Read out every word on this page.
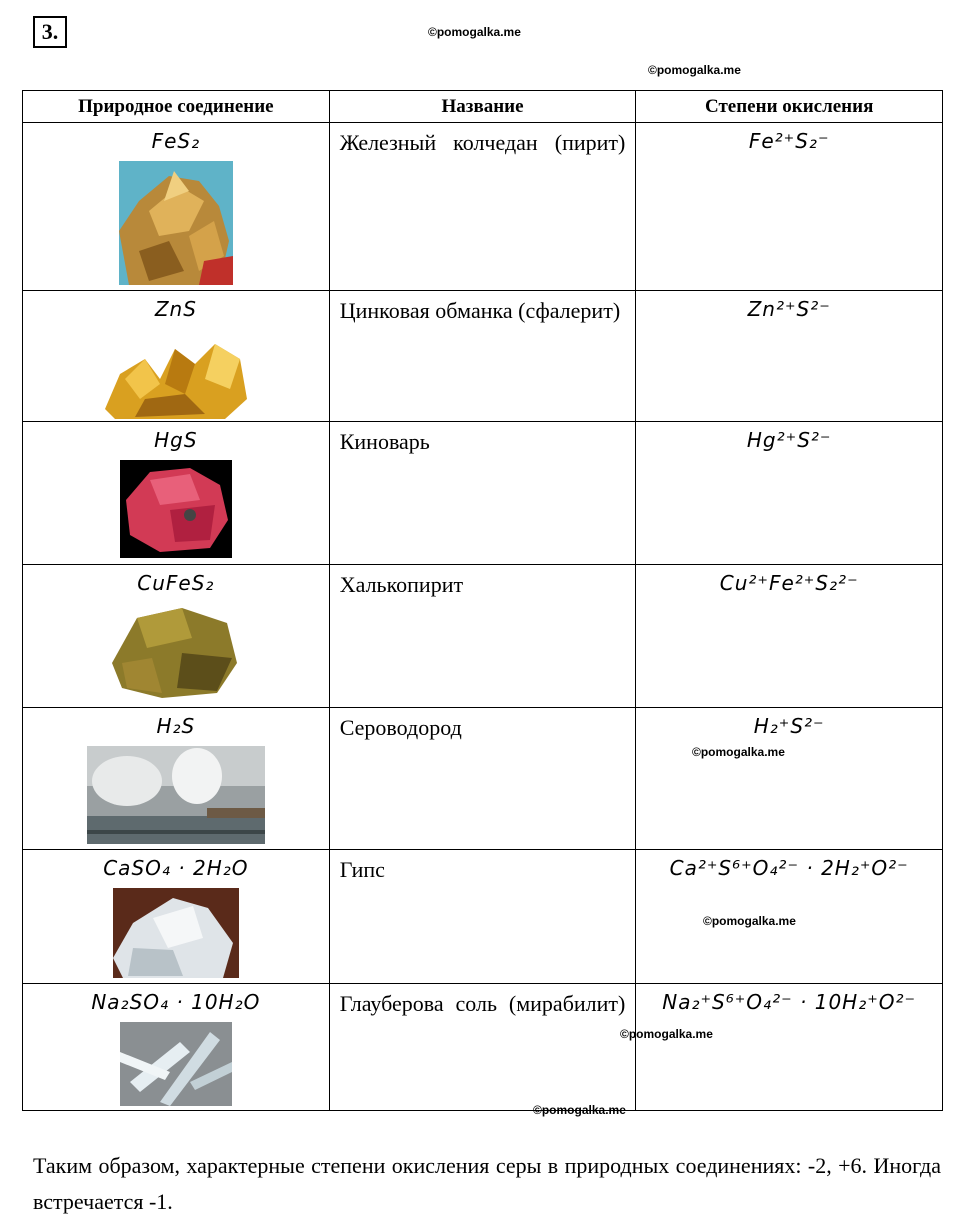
3.	©pomogalka.me
©pomogalka.me
Природное соединение	Название	Степени окисления

FeS₂	Железный колчедан (пирит)	Fe²⁺S₂⁻

ZnS	Цинковая обманка (сфалерит)	Zn²⁺S²⁻

HgS	Киноварь	Hg²⁺S²⁻

CuFeS₂	Халькопирит	Cu²⁺Fe²⁺S₂²⁻

H₂S	Сероводород	H₂⁺S²⁻

CaSO₄ · 2H₂O	Гипс	Ca²⁺S⁶⁺O₄²⁻ · 2H₂⁺O²⁻

Na₂SO₄ · 10H₂O	Глауберова соль (мирабилит)	Na₂⁺S⁶⁺O₄²⁻ · 10H₂⁺O²⁻
©pomogalka.me
©pomogalka.me
©pomogalka.me
©pomogalka.me
Таким образом, характерные степени окисления серы в природных соединениях: -2, +6. Иногда встречается -1.
